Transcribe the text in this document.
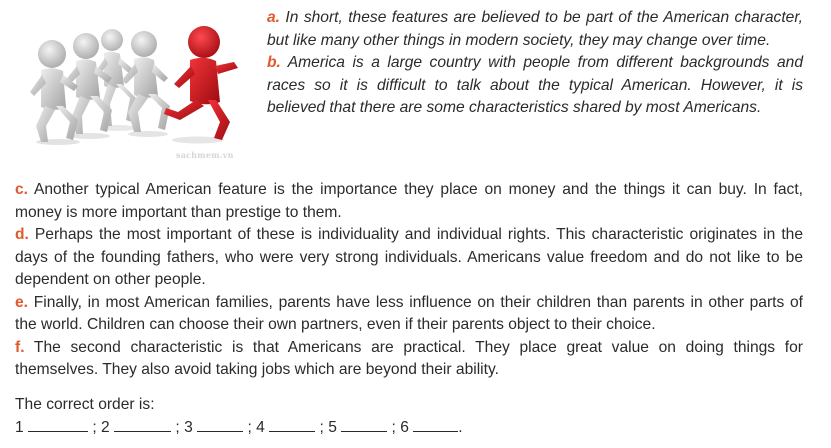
sachmem.vn

a. In short, these features are believed to be part of the American character, but like many other things in modern society, they may change over time.

b. America is a large country with people from different backgrounds and races so it is difficult to talk about the typical American. However, it is believed that there are some characteristics shared by most Americans.

c. Another typical American feature is the importance they place on money and the things it can buy. In fact, money is more important than prestige to them.

d. Perhaps the most important of these is individuality and individual rights. This characteristic originates in the days of the founding fathers, who were very strong individuals. Americans value freedom and do not like to be dependent on other people.

e. Finally, in most American families, parents have less influence on their children than parents in other parts of the world. Children can choose their own partners, even if their parents object to their choice.

f. The second characteristic is that Americans are practical. They place great value on doing things for themselves. They also avoid taking jobs which are beyond their ability.

The correct order is:

1	; 2	; 3	; 4	; 5	; 6	.
